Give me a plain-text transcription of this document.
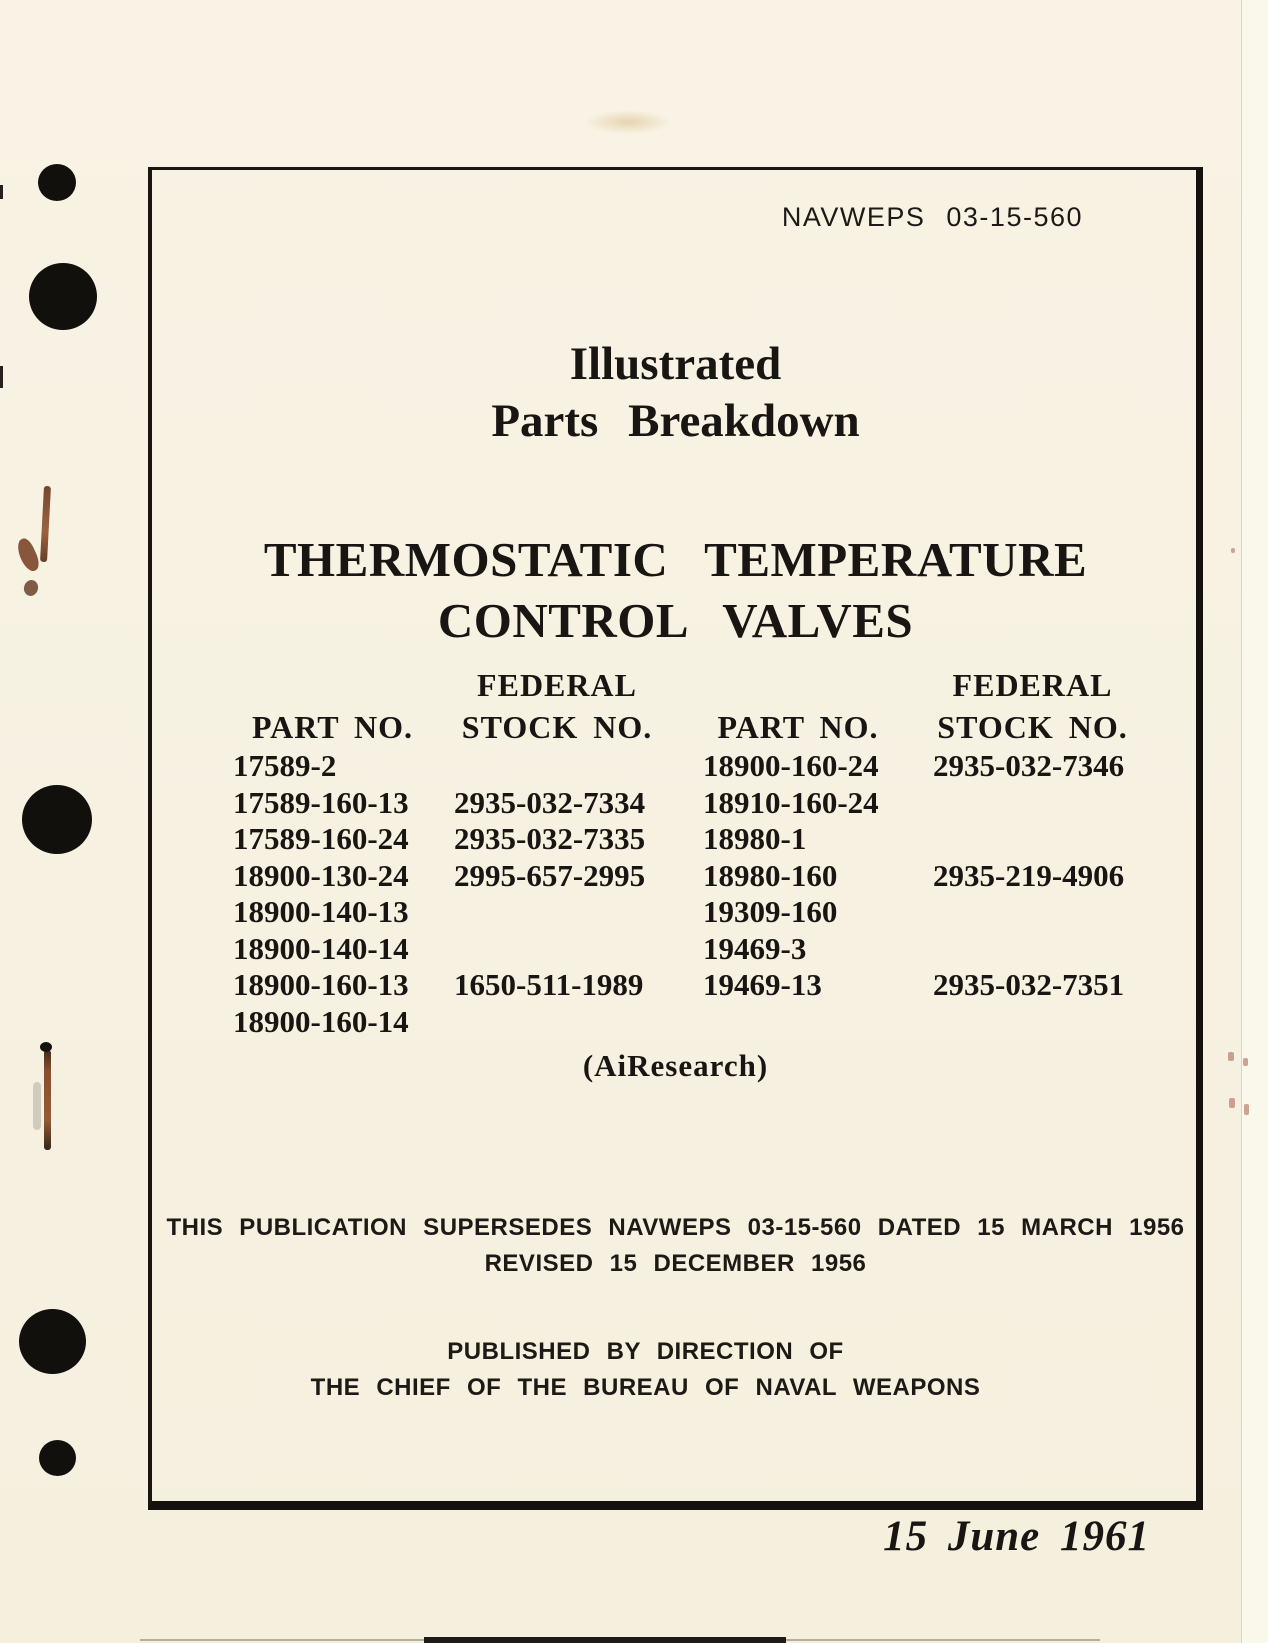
NAVWEPS 03-15-560
Illustrated
Parts Breakdown
THERMOSTATIC TEMPERATURE
CONTROL VALVES
PART NO.
17589-2
17589-160-13
17589-160-24
18900-130-24
18900-140-13
18900-140-14
18900-160-13
18900-160-14
FEDERAL
STOCK NO.

2935-032-7334
2935-032-7335
2995-657-2995

1650-511-1989

PART NO.
18900-160-24
18910-160-24
18980-1
18980-160
19309-160
19469-3
19469-13

FEDERAL
STOCK NO.
2935-032-7346

2935-219-4906

2935-032-7351

(AiResearch)
THIS PUBLICATION SUPERSEDES NAVWEPS 03-15-560 DATED 15 MARCH 1956
REVISED 15 DECEMBER 1956
PUBLISHED BY DIRECTION OF
THE CHIEF OF THE BUREAU OF NAVAL WEAPONS
15 June 1961
